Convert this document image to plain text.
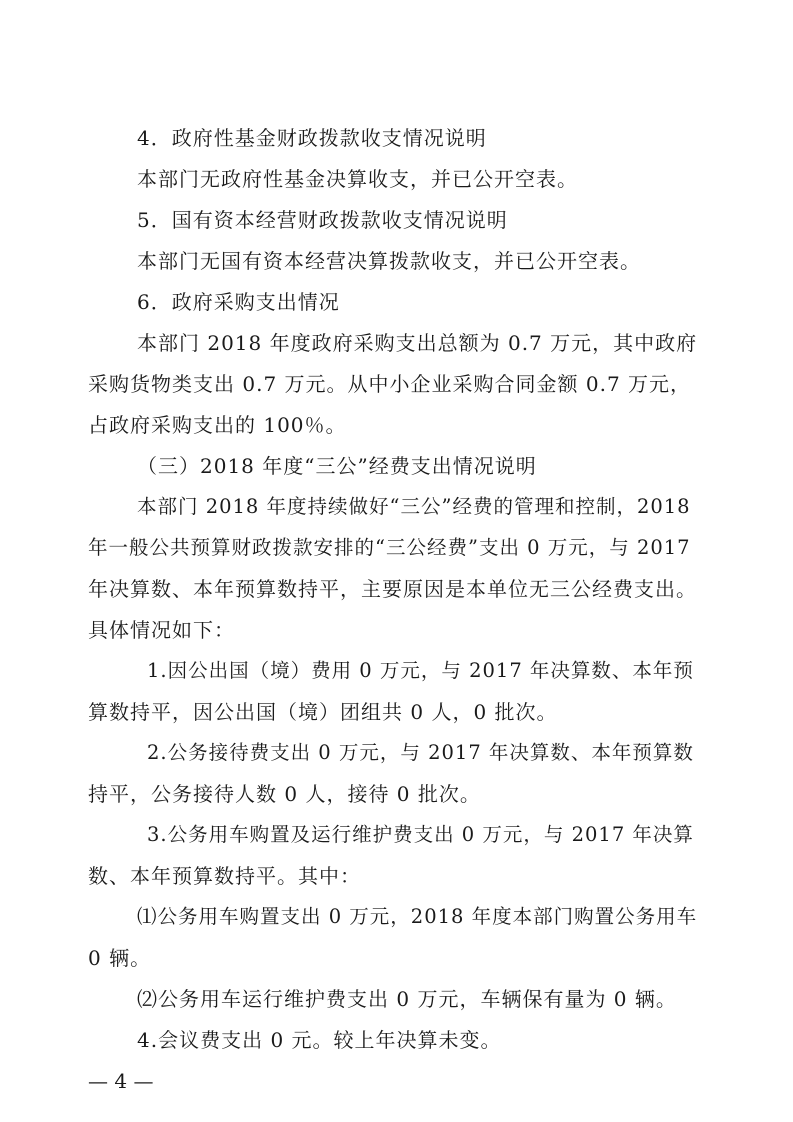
4．政府性基金财政拨款收支情况说明
本部门无政府性基金决算收支，并已公开空表。
5．国有资本经营财政拨款收支情况说明
本部门无国有资本经营决算拨款收支，并已公开空表。
6．政府采购支出情况
本部门 2018 年度政府采购支出总额为 0.7 万元，其中政府
采购货物类支出 0.7 万元。从中小企业采购合同金额 0.7 万元，
占政府采购支出的 100％。
（三）2018 年度“三公”经费支出情况说明
本部门 2018 年度持续做好“三公”经费的管理和控制，2018
年一般公共预算财政拨款安排的“三公经费”支出 0 万元，与 2017
年决算数、本年预算数持平，主要原因是本单位无三公经费支出。
具体情况如下：
1.因公出国（境）费用 0 万元，与 2017 年决算数、本年预
算数持平，因公出国（境）团组共 0 人，0 批次。
2.公务接待费支出 0 万元，与 2017 年决算数、本年预算数
持平，公务接待人数 0 人，接待 0 批次。
3.公务用车购置及运行维护费支出 0 万元，与 2017 年决算
数、本年预算数持平。其中：
⑴公务用车购置支出 0 万元，2018 年度本部门购置公务用车
0 辆。
⑵公务用车运行维护费支出 0 万元，车辆保有量为 0 辆。
4.会议费支出 0 元。较上年决算未变。
— 4 —
